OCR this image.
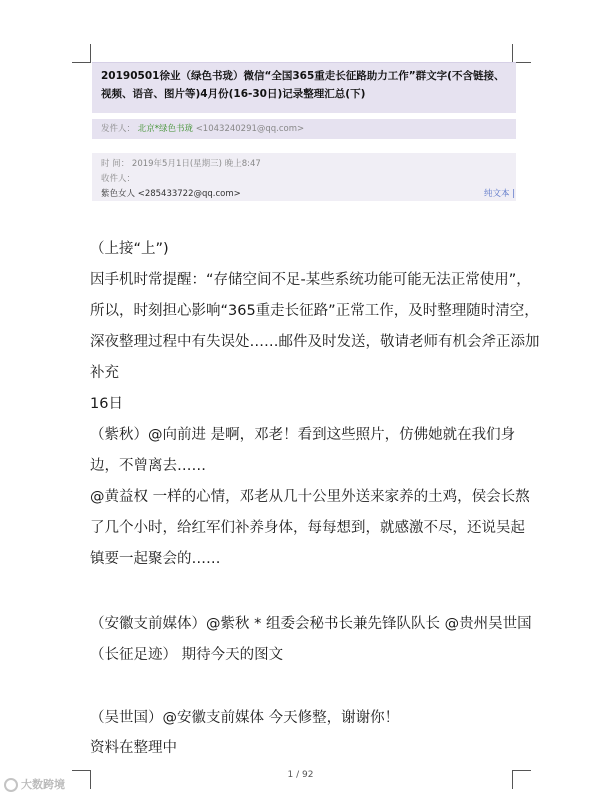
20190501徐业（绿色书珑）微信“全国365重走长征路助力工作”群文字(不含链接、
视频、语音、图片等)4月份(16-30日)记录整理汇总(下)
发件人： 北京*绿色书珑 <1043240291@qq.com>
时 间： 2019年5月1日(星期三) 晚上8:47
收件人：
紫色女人 <285433722@qq.com>	纯文本 |
（上接“上”)
因手机时常提醒：“存储空间不足-某些系统功能可能无法正常使用”，
所以，时刻担心影响“365重走长征路”正常工作，及时整理随时清空，
深夜整理过程中有失误处……邮件及时发送，敬请老师有机会斧正添加
补充
16日
（紫秋）@向前进 是啊，邓老！看到这些照片，仿佛她就在我们身
边，不曾离去……
@黄益权 一样的心情，邓老从几十公里外送来家养的土鸡，侯会长熬
了几个小时，给红军们补养身体，每每想到，就感激不尽，还说吴起
镇要一起聚会的……
（安徽支前媒体）@紫秋 * 组委会秘书长兼先锋队队长 @贵州吴世国
（长征足迹） 期待今天的图文
（吴世国）@安徽支前媒体 今天修整，谢谢你！
资料在整理中
1 / 92
大数跨境
